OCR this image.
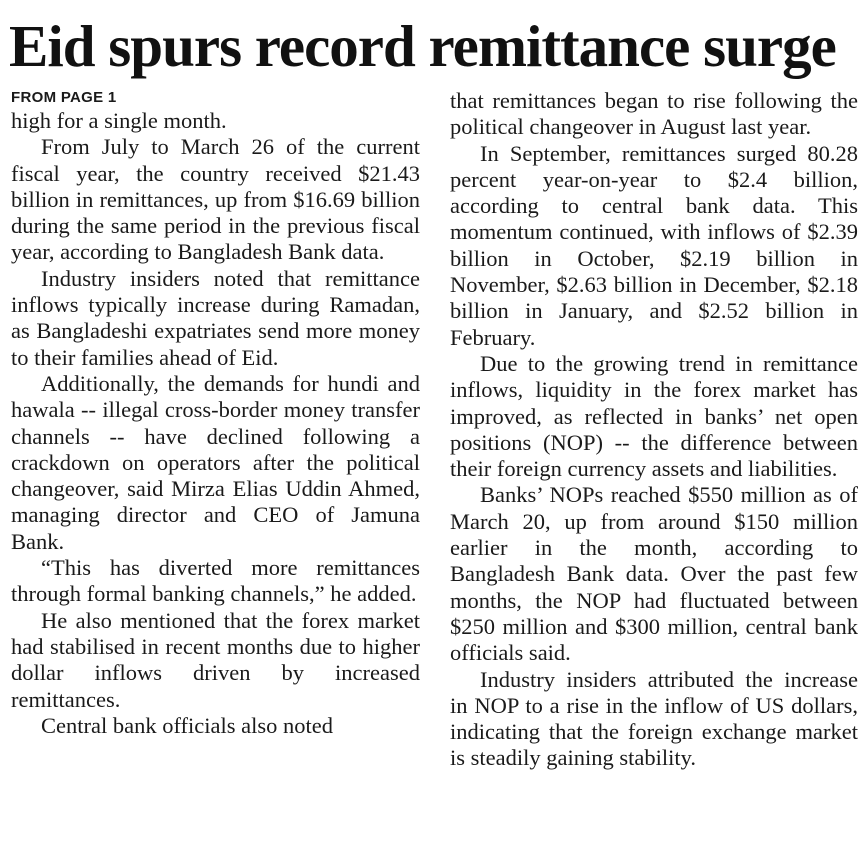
Eid spurs record remittance surge
FROM PAGE 1

high for a single month.

From July to March 26 of the current fiscal year, the country received $21.43 billion in remittances, up from $16.69 billion during the same period in the previous fiscal year, according to Bangladesh Bank data.

Industry insiders noted that remittance inflows typically increase during Ramadan, as Bangladeshi expatriates send more money to their families ahead of Eid.

Additionally, the demands for hundi and hawala -- illegal cross-border money transfer channels -- have declined following a crackdown on operators after the political changeover, said Mirza Elias Uddin Ahmed, managing director and CEO of Jamuna Bank.

“This has diverted more remittances through formal banking channels,” he added.

He also mentioned that the forex market had stabilised in recent months due to higher dollar inflows driven by increased remittances.

Central bank officials also noted

that remittances began to rise following the political changeover in August last year.

In September, remittances surged 80.28 percent year-on-year to $2.4 billion, according to central bank data. This momentum continued, with inflows of $2.39 billion in October, $2.19 billion in November, $2.63 billion in December, $2.18 billion in January, and $2.52 billion in February.

Due to the growing trend in remittance inflows, liquidity in the forex market has improved, as reflected in banks’ net open positions (NOP) -- the difference between their foreign currency assets and liabilities.

Banks’ NOPs reached $550 million as of March 20, up from around $150 million earlier in the month, according to Bangladesh Bank data. Over the past few months, the NOP had fluctuated between $250 million and $300 million, central bank officials said.

Industry insiders attributed the increase in NOP to a rise in the inflow of US dollars, indicating that the foreign exchange market is steadily gaining stability.
